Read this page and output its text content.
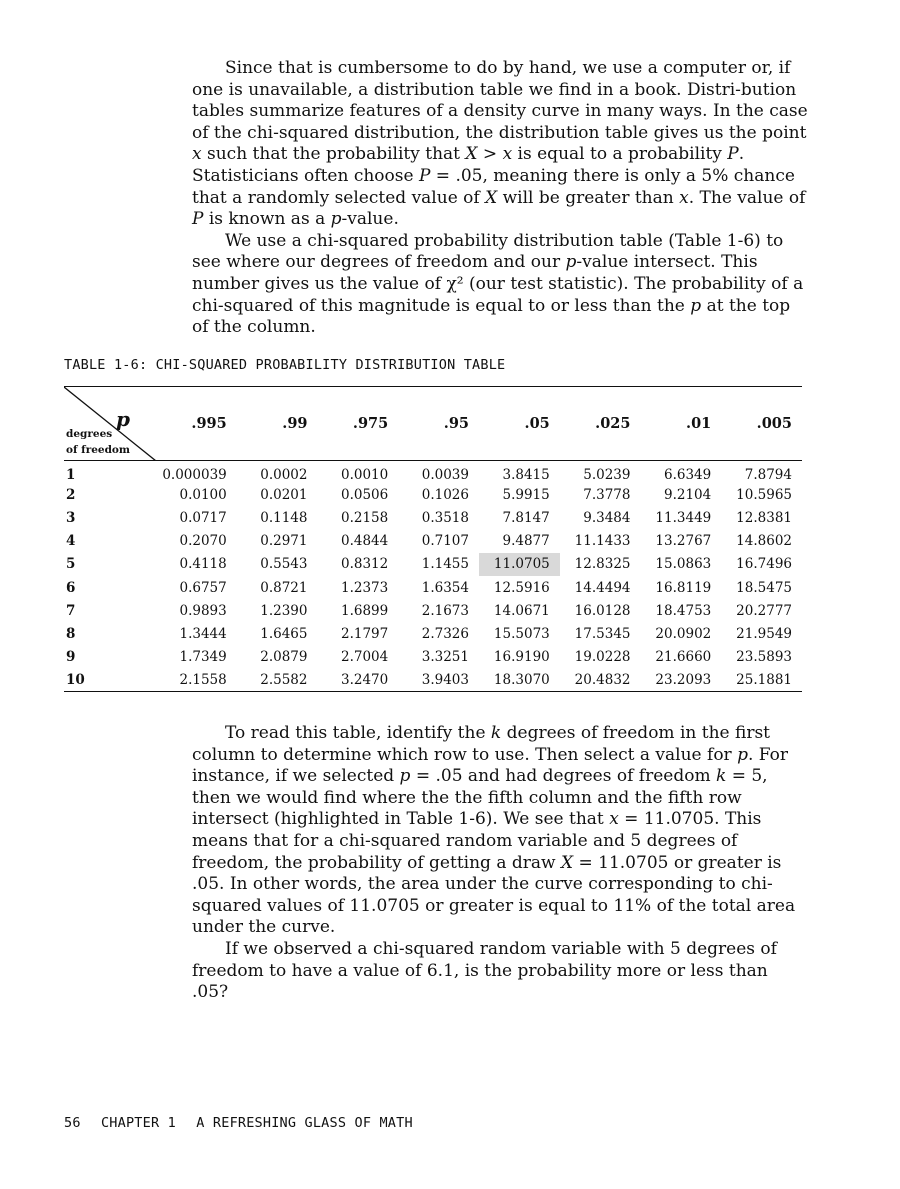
Since that is cumbersome to do by hand, we use a computer or, if one is unavailable, a distribution table we find in a book. Distri-bution tables summarize features of a density curve in many ways. In the case of the chi-squared distribution, the distribution table gives us the point x such that the probability that X > x is equal to a probability P. Statisticians often choose P = .05, meaning there is only a 5% chance that a randomly selected value of X will be greater than x. The value of P is known as a p-value.

We use a chi-squared probability distribution table (Table 1-6) to see where our degrees of freedom and our p-value intersect. This number gives us the value of χ² (our test statistic). The probability of a chi-squared of this magnitude is equal to or less than the p at the top of the column.

TABLE 1-6: CHI-SQUARED PROBABILITY DISTRIBUTION TABLE
p
degrees
of freedom	.995	.99	.975	.95	.05	.025	.01	.005
1	0.000039	0.0002	0.0010	0.0039	3.8415	5.0239	6.6349	7.8794
2	0.0100	0.0201	0.0506	0.1026	5.9915	7.3778	9.2104	10.5965
3	0.0717	0.1148	0.2158	0.3518	7.8147	9.3484	11.3449	12.8381
4	0.2070	0.2971	0.4844	0.7107	9.4877	11.1433	13.2767	14.8602
5	0.4118	0.5543	0.8312	1.1455	11.0705	12.8325	15.0863	16.7496
6	0.6757	0.8721	1.2373	1.6354	12.5916	14.4494	16.8119	18.5475
7	0.9893	1.2390	1.6899	2.1673	14.0671	16.0128	18.4753	20.2777
8	1.3444	1.6465	2.1797	2.7326	15.5073	17.5345	20.0902	21.9549
9	1.7349	2.0879	2.7004	3.3251	16.9190	19.0228	21.6660	23.5893
10	2.1558	2.5582	3.2470	3.9403	18.3070	20.4832	23.2093	25.1881

To read this table, identify the k degrees of freedom in the first column to determine which row to use. Then select a value for p. For instance, if we selected p = .05 and had degrees of freedom k = 5, then we would find where the the fifth column and the fifth row intersect (highlighted in Table 1-6). We see that x = 11.0705. This means that for a chi-squared random variable and 5 degrees of freedom, the probability of getting a draw X = 11.0705 or greater is .05. In other words, the area under the curve corresponding to chi-squared values of 11.0705 or greater is equal to 11% of the total area under the curve.

If we observed a chi-squared random variable with 5 degrees of freedom to have a value of 6.1, is the probability more or less than .05?

56 CHAPTER 1 A REFRESHING GLASS OF MATH
